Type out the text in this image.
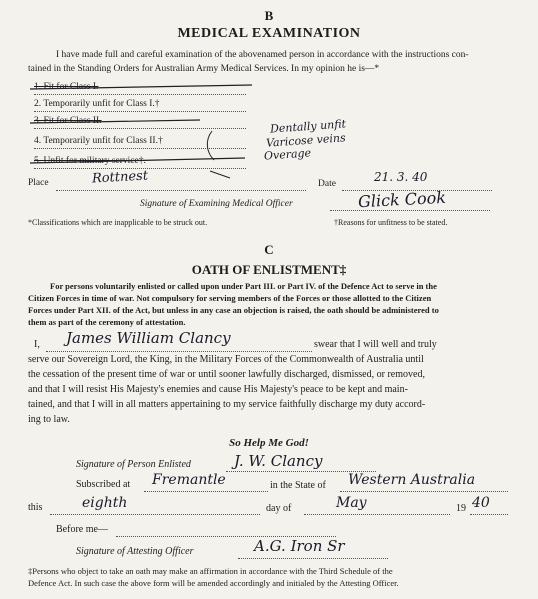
B
MEDICAL EXAMINATION
I have made full and careful examination of the abovenamed person in accordance with the instructions con-
tained in the Standing Orders for Australian Army Medical Services. In my opinion he is—*
1. Fit for Class I.
2. Temporarily unfit for Class I.†
3. Fit for Class II.
4. Temporarily unfit for Class II.†
5. Unfit for military service†.
Dentally unfit
Varicose veins
Overage
Place	Rottnest	Date	21. 3. 40
Signature of Examining Medical Officer	Glick Cook
*Classifications which are inapplicable to be struck out.	†Reasons for unfitness to be stated.
C
OATH OF ENLISTMENT‡
For persons voluntarily enlisted or called upon under Part III. or Part IV. of the Defence Act to serve in the
Citizen Forces in time of war. Not compulsory for serving members of the Forces or those allotted to the Citizen
Forces under Part XII. of the Act, but unless in any case an objection is raised, the oath should be administered to
them as part of the ceremony of attestation.
I, James William Clancy	swear that I will well and truly
serve our Sovereign Lord, the King, in the Military Forces of the Commonwealth of Australia until
the cessation of the present time of war or until sooner lawfully discharged, dismissed, or removed,
and that I will resist His Majesty's enemies and cause His Majesty's peace to be kept and main-
tained, and that I will in all matters appertaining to my service faithfully discharge my duty accord-
ing to law.
So Help Me God!
Signature of Person Enlisted	J. W. Clancy
Subscribed at Fremantle	in the State of Western Australia
this	eighth	day of	May	19 40
Before me—
Signature of Attesting Officer	A.G. Iron Sr
‡Persons who object to take an oath may make an affirmation in accordance with the Third Schedule of the
Defence Act. In such case the above form will be amended accordingly and initialed by the Attesting Officer.
